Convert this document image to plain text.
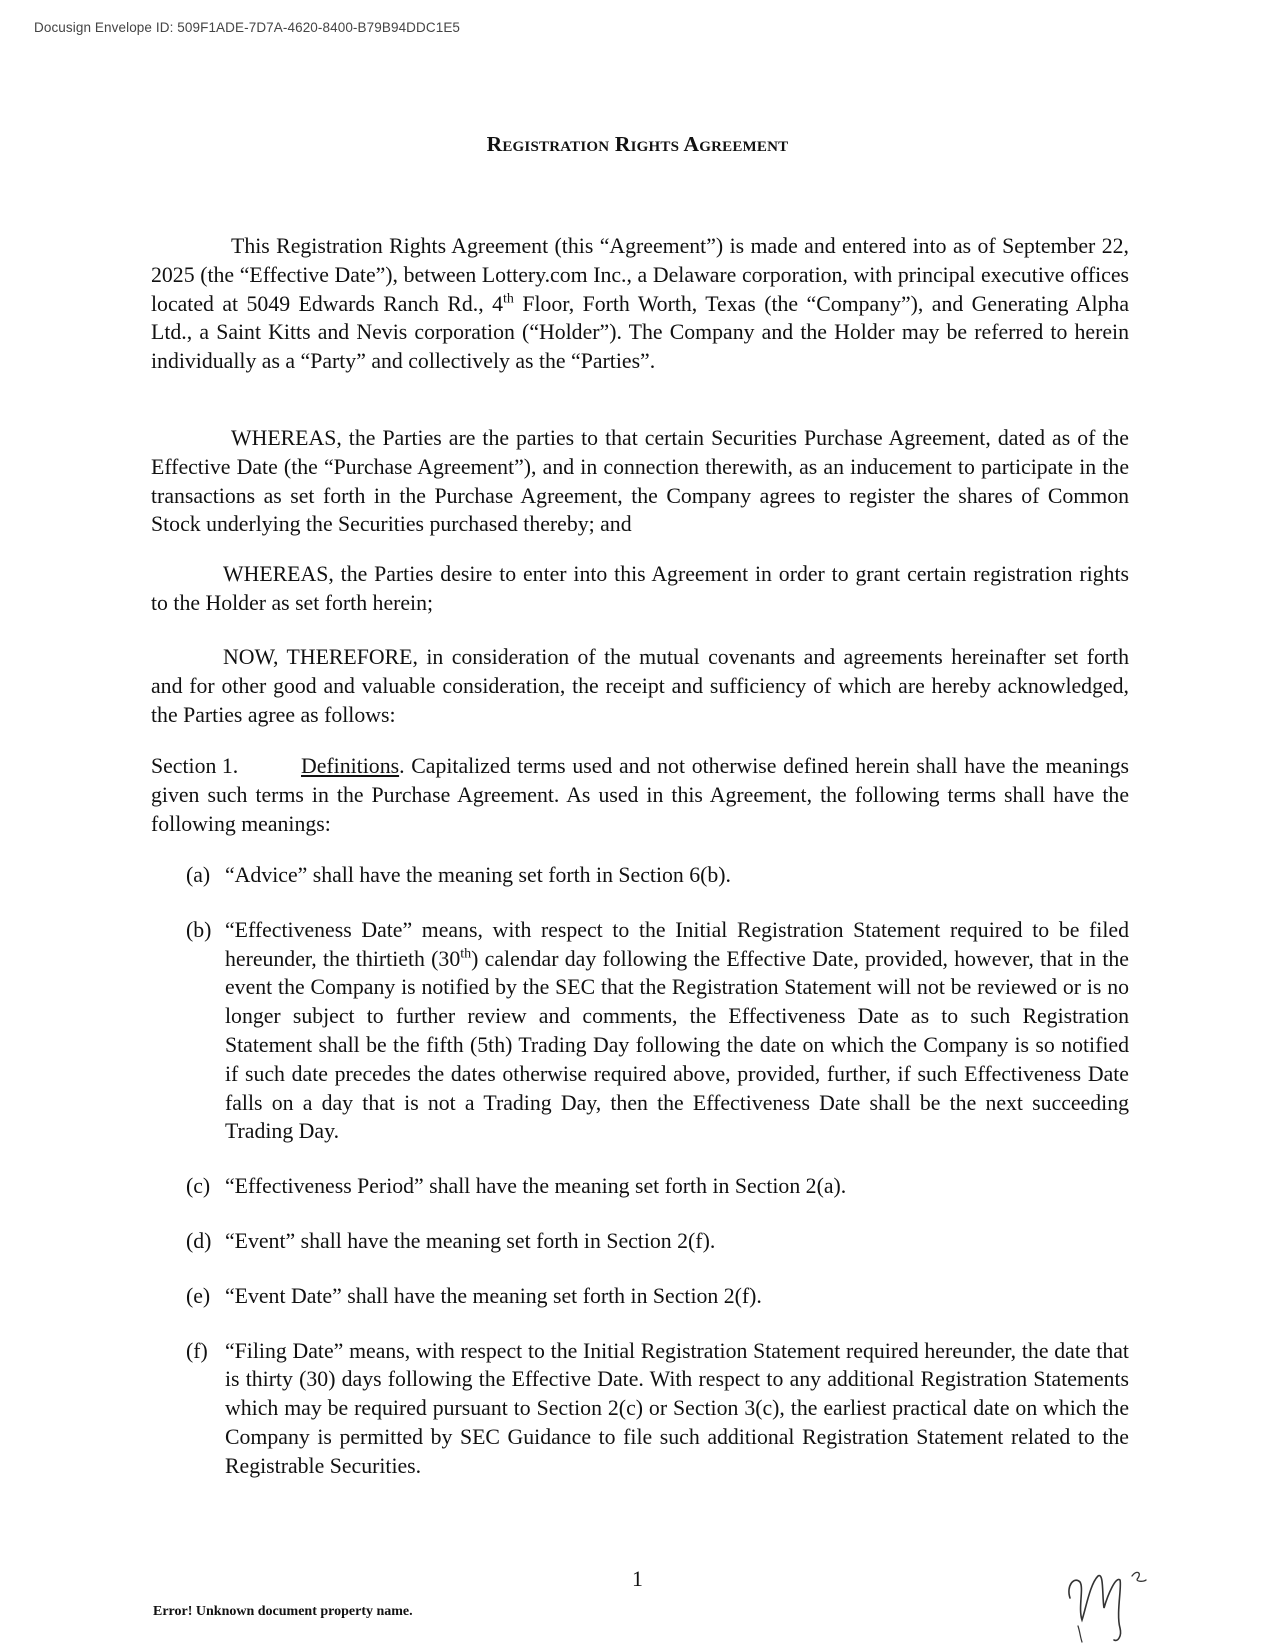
Docusign Envelope ID: 509F1ADE-7D7A-4620-8400-B79B94DDC1E5
Registration Rights Agreement

This Registration Rights Agreement (this “Agreement”) is made and entered into as of September 22, 2025 (the “Effective Date”), between Lottery.com Inc., a Delaware corporation, with principal executive offices located at 5049 Edwards Ranch Rd., 4th Floor, Forth Worth, Texas (the “Company”), and Generating Alpha Ltd., a Saint Kitts and Nevis corporation (“Holder”). The Company and the Holder may be referred to herein individually as a “Party” and collectively as the “Parties”.

WHEREAS, the Parties are the parties to that certain Securities Purchase Agreement, dated as of the Effective Date (the “Purchase Agreement”), and in connection therewith, as an inducement to participate in the transactions as set forth in the Purchase Agreement, the Company agrees to register the shares of Common Stock underlying the Securities purchased thereby; and

WHEREAS, the Parties desire to enter into this Agreement in order to grant certain registration rights to the Holder as set forth herein;

NOW, THEREFORE, in consideration of the mutual covenants and agreements hereinafter set forth and for other good and valuable consideration, the receipt and sufficiency of which are hereby acknowledged, the Parties agree as follows:

Section 1.	Definitions. Capitalized terms used and not otherwise defined herein shall have the meanings given such terms in the Purchase Agreement. As used in this Agreement, the following terms shall have the following meanings:

(a) “Advice” shall have the meaning set forth in Section 6(b).
(b) “Effectiveness Date” means, with respect to the Initial Registration Statement required to be filed hereunder, the thirtieth (30th) calendar day following the Effective Date, provided, however, that in the event the Company is notified by the SEC that the Registration Statement will not be reviewed or is no longer subject to further review and comments, the Effectiveness Date as to such Registration Statement shall be the fifth (5th) Trading Day following the date on which the Company is so notified if such date precedes the dates otherwise required above, provided, further, if such Effectiveness Date falls on a day that is not a Trading Day, then the Effectiveness Date shall be the next succeeding Trading Day.
(c) “Effectiveness Period” shall have the meaning set forth in Section 2(a).
(d) “Event” shall have the meaning set forth in Section 2(f).
(e) “Event Date” shall have the meaning set forth in Section 2(f).
(f) “Filing Date” means, with respect to the Initial Registration Statement required hereunder, the date that is thirty (30) days following the Effective Date. With respect to any additional Registration Statements which may be required pursuant to Section 2(c) or Section 3(c), the earliest practical date on which the Company is permitted by SEC Guidance to file such additional Registration Statement related to the Registrable Securities.
1
Error! Unknown document property name.
